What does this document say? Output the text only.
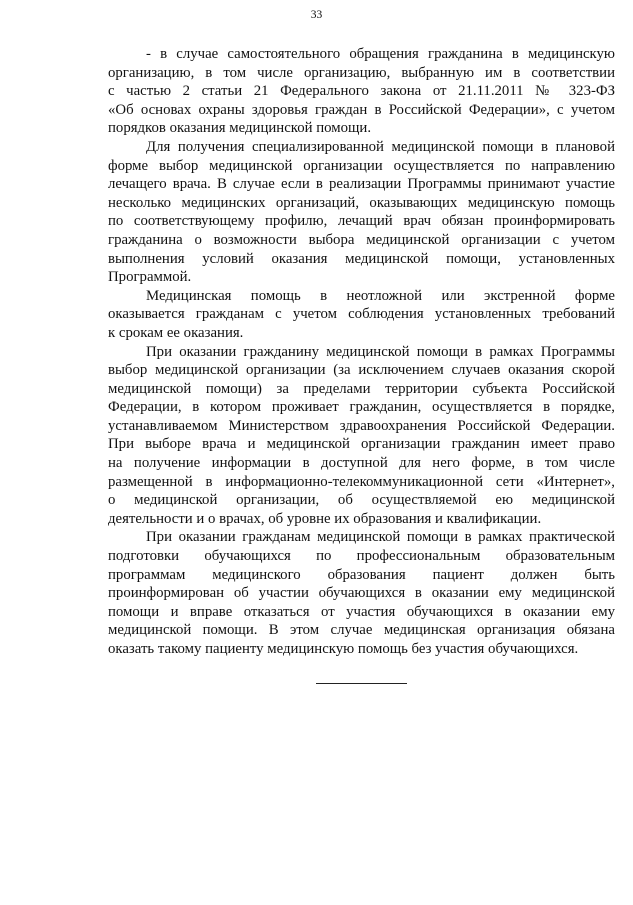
33

- в случае самостоятельного обращения гражданина в медицинскую
организацию, в том числе организацию, выбранную им в соответствии
с частью 2 статьи 21 Федерального закона от 21.11.2011 № 323-ФЗ
«Об основах охраны здоровья граждан в Российской Федерации», с учетом
порядков оказания медицинской помощи.

Для получения специализированной медицинской помощи в плановой
форме выбор медицинской организации осуществляется по направлению
лечащего врача. В случае если в реализации Программы принимают участие
несколько медицинских организаций, оказывающих медицинскую помощь
по соответствующему профилю, лечащий врач обязан проинформировать
гражданина о возможности выбора медицинской организации с учетом
выполнения условий оказания медицинской помощи, установленных
Программой.

Медицинская помощь в неотложной или экстренной форме
оказывается гражданам с учетом соблюдения установленных требований
к срокам ее оказания.

При оказании гражданину медицинской помощи в рамках Программы
выбор медицинской организации (за исключением случаев оказания скорой
медицинской помощи) за пределами территории субъекта Российской
Федерации, в котором проживает гражданин, осуществляется в порядке,
устанавливаемом Министерством здравоохранения Российской Федерации.
При выборе врача и медицинской организации гражданин имеет право
на получение информации в доступной для него форме, в том числе
размещенной в информационно-телекоммуникационной сети «Интернет»,
о медицинской организации, об осуществляемой ею медицинской
деятельности и о врачах, об уровне их образования и квалификации.

При оказании гражданам медицинской помощи в рамках практической
подготовки обучающихся по профессиональным образовательным
программам медицинского образования пациент должен быть
проинформирован об участии обучающихся в оказании ему медицинской
помощи и вправе отказаться от участия обучающихся в оказании ему
медицинской помощи. В этом случае медицинская организация обязана
оказать такому пациенту медицинскую помощь без участия обучающихся.
